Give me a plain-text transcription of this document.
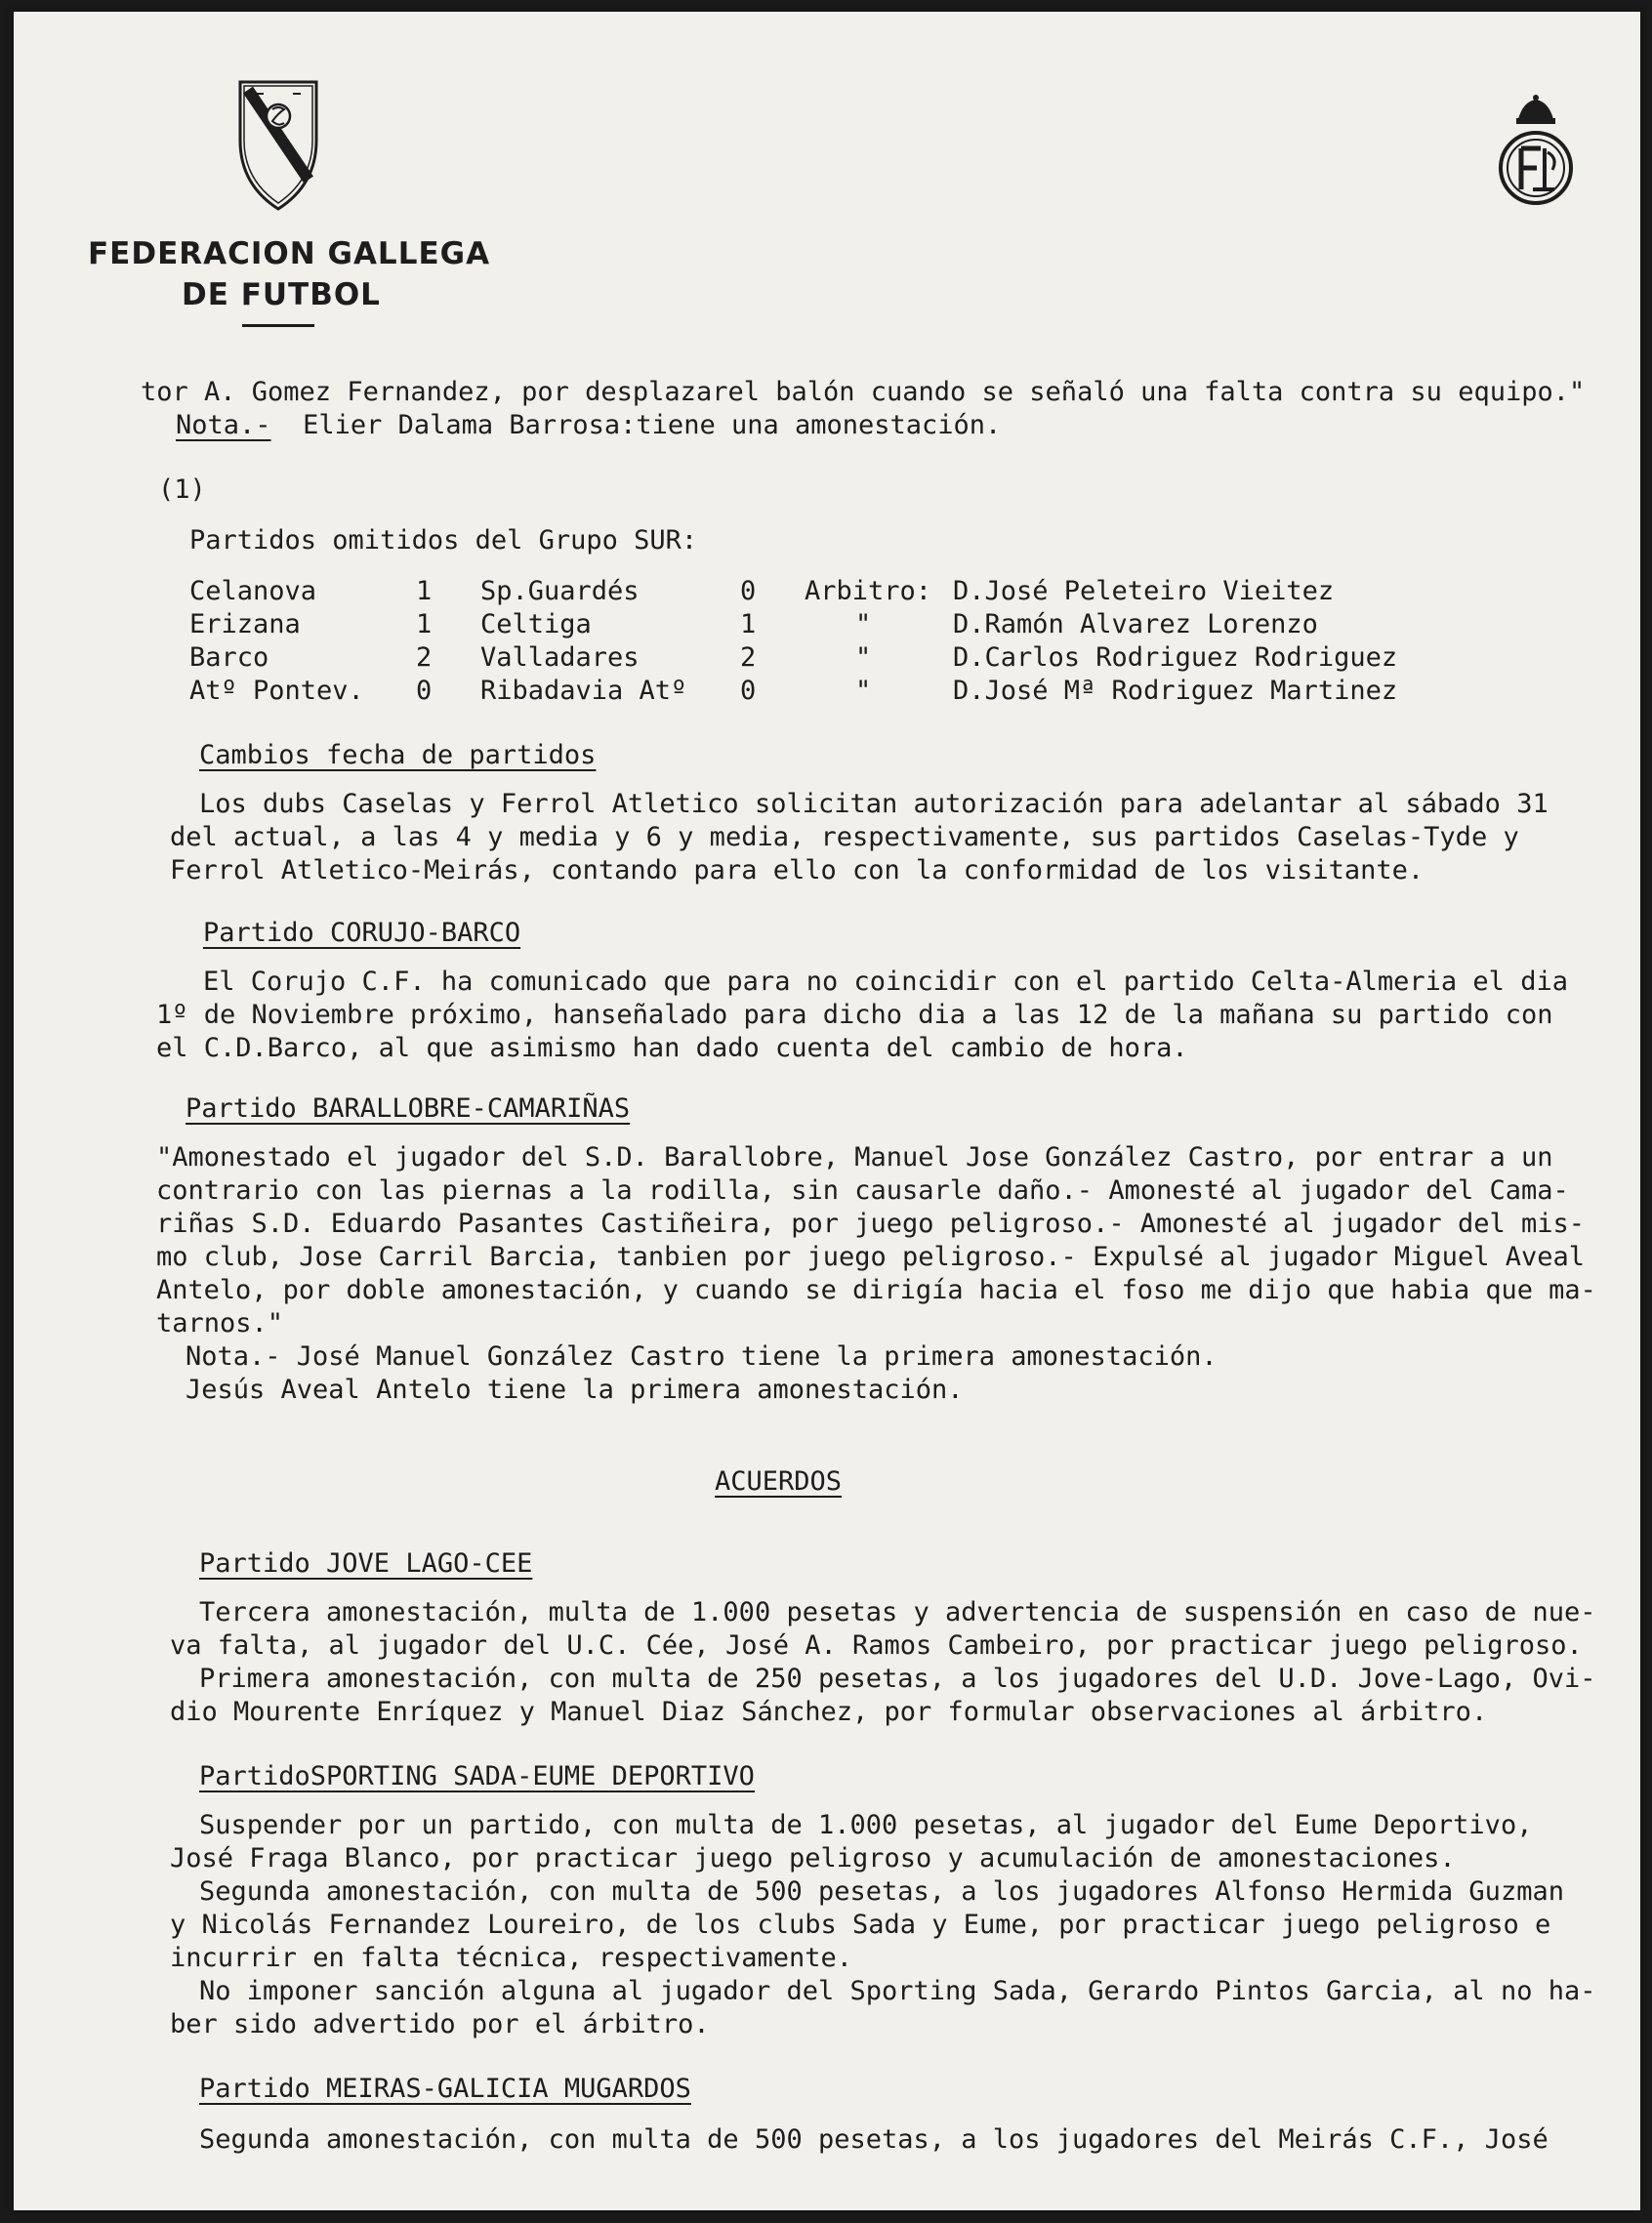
FEDERACION GALLEGA
DE FUTBOL
tor A. Gomez Fernandez, por desplazarel balón cuando se señaló una falta contra su equipo."
Nota.- Elier Dalama Barrosa:tiene una amonestación.
(1)
Partidos omitidos del Grupo SUR:
Celanova	1 Sp.Guardés	0 Arbitro: D.José Peleteiro Vieitez
Erizana	1 Celtiga	1	"	D.Ramón Alvarez Lorenzo
Barco	2 Valladares	2	"	D.Carlos Rodriguez Rodriguez
Atº Pontev. 0 Ribadavia Atº 0	"	D.José Mª Rodriguez Martinez
Cambios fecha de partidos
Los dubs Caselas y Ferrol Atletico solicitan autorización para adelantar al sábado 31
del actual, a las 4 y media y 6 y media, respectivamente, sus partidos Caselas-Tyde y
Ferrol Atletico-Meirás, contando para ello con la conformidad de los visitante.
Partido CORUJO-BARCO
El Corujo C.F. ha comunicado que para no coincidir con el partido Celta-Almeria el dia
1º de Noviembre próximo, hanseñalado para dicho dia a las 12 de la mañana su partido con
el C.D.Barco, al que asimismo han dado cuenta del cambio de hora.
Partido BARALLOBRE-CAMARIÑAS
"Amonestado el jugador del S.D. Barallobre, Manuel Jose González Castro, por entrar a un
contrario con las piernas a la rodilla, sin causarle daño.- Amonesté al jugador del Cama-
riñas S.D. Eduardo Pasantes Castiñeira, por juego peligroso.- Amonesté al jugador del mis-
mo club, Jose Carril Barcia, tanbien por juego peligroso.- Expulsé al jugador Miguel Aveal
Antelo, por doble amonestación, y cuando se dirigía hacia el foso me dijo que habia que ma-
tarnos."
Nota.- José Manuel González Castro tiene la primera amonestación.
Jesús Aveal Antelo tiene la primera amonestación.
ACUERDOS
Partido JOVE LAGO-CEE
Tercera amonestación, multa de 1.000 pesetas y advertencia de suspensión en caso de nue-
va falta, al jugador del U.C. Cée, José A. Ramos Cambeiro, por practicar juego peligroso.
Primera amonestación, con multa de 250 pesetas, a los jugadores del U.D. Jove-Lago, Ovi-
dio Mourente Enríquez y Manuel Diaz Sánchez, por formular observaciones al árbitro.
PartidoSPORTING SADA-EUME DEPORTIVO
Suspender por un partido, con multa de 1.000 pesetas, al jugador del Eume Deportivo,
José Fraga Blanco, por practicar juego peligroso y acumulación de amonestaciones.
Segunda amonestación, con multa de 500 pesetas, a los jugadores Alfonso Hermida Guzman
y Nicolás Fernandez Loureiro, de los clubs Sada y Eume, por practicar juego peligroso e
incurrir en falta técnica, respectivamente.
No imponer sanción alguna al jugador del Sporting Sada, Gerardo Pintos Garcia, al no ha-
ber sido advertido por el árbitro.
Partido MEIRAS-GALICIA MUGARDOS
Segunda amonestación, con multa de 500 pesetas, a los jugadores del Meirás C.F., José
